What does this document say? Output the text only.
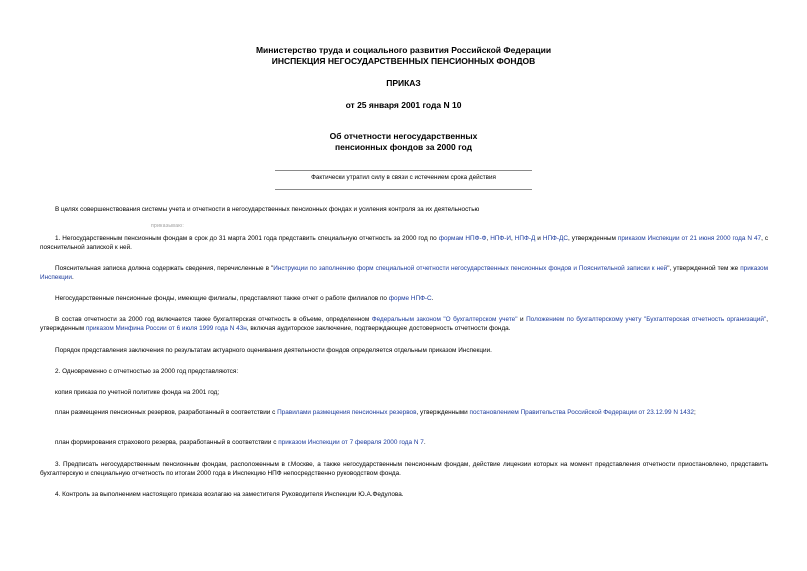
Министерство труда и социального развития Российской Федерации
ИНСПЕКЦИЯ НЕГОСУДАРСТВЕННЫХ ПЕНСИОННЫХ ФОНДОВ
ПРИКАЗ
от 25 января 2001 года N 10
Об отчетности негосударственных
пенсионных фондов за 2000 год
Фактически утратил силу в связи с истечением срока действия

В целях совершенствования системы учета и отчетности в негосударственных пенсионных фондах и усиления контроля за их деятельностью

приказываю:

1. Негосударственным пенсионным фондам в срок до 31 марта 2001 года представить специальную отчетность за 2000 год по формам НПФ-Ф, НПФ-И, НПФ-Д и НПФ-ДС, утвержденным приказом Инспекции от 21 июня 2000 года N 47, с пояснительной запиской к ней.

Пояснительная записка должна содержать сведения, перечисленные в "Инструкции по заполнению форм специальной отчетности негосударственных пенсионных фондов и Пояснительной записки к ней", утвержденной тем же приказом Инспекции.

Негосударственные пенсионные фонды, имеющие филиалы, представляют также отчет о работе филиалов по форме НПФ-С.

В состав отчетности за 2000 год включается также бухгалтерская отчетность в объеме, определенном Федеральным законом "О бухгалтерском учете" и Положением по бухгалтерскому учету "Бухгалтерская отчетность организаций", утвержденным приказом Минфина России от 6 июля 1999 года N 43н, включая аудиторское заключение, подтверждающее достоверность отчетности фонда.

Порядок представления заключения по результатам актуарного оценивания деятельности фондов определяется отдельным приказом Инспекции.

2. Одновременно с отчетностью за 2000 год представляются:

копия приказа по учетной политике фонда на 2001 год;

план размещения пенсионных резервов, разработанный в соответствии с Правилами размещения пенсионных резервов, утвержденными постановлением Правительства Российской Федерации от 23.12.99 N 1432;

план формирования страхового резерва, разработанный в соответствии с приказом Инспекции от 7 февраля 2000 года N 7.

3. Предписать негосударственным пенсионным фондам, расположенным в г.Москве, а также негосударственным пенсионным фондам, действие лицензии которых на момент представления отчетности приостановлено, представить бухгалтерскую и специальную отчетность по итогам 2000 года в Инспекцию НПФ непосредственно руководством фонда.

4. Контроль за выполнением настоящего приказа возлагаю на заместителя Руководителя Инспекции Ю.А.Федулова.
